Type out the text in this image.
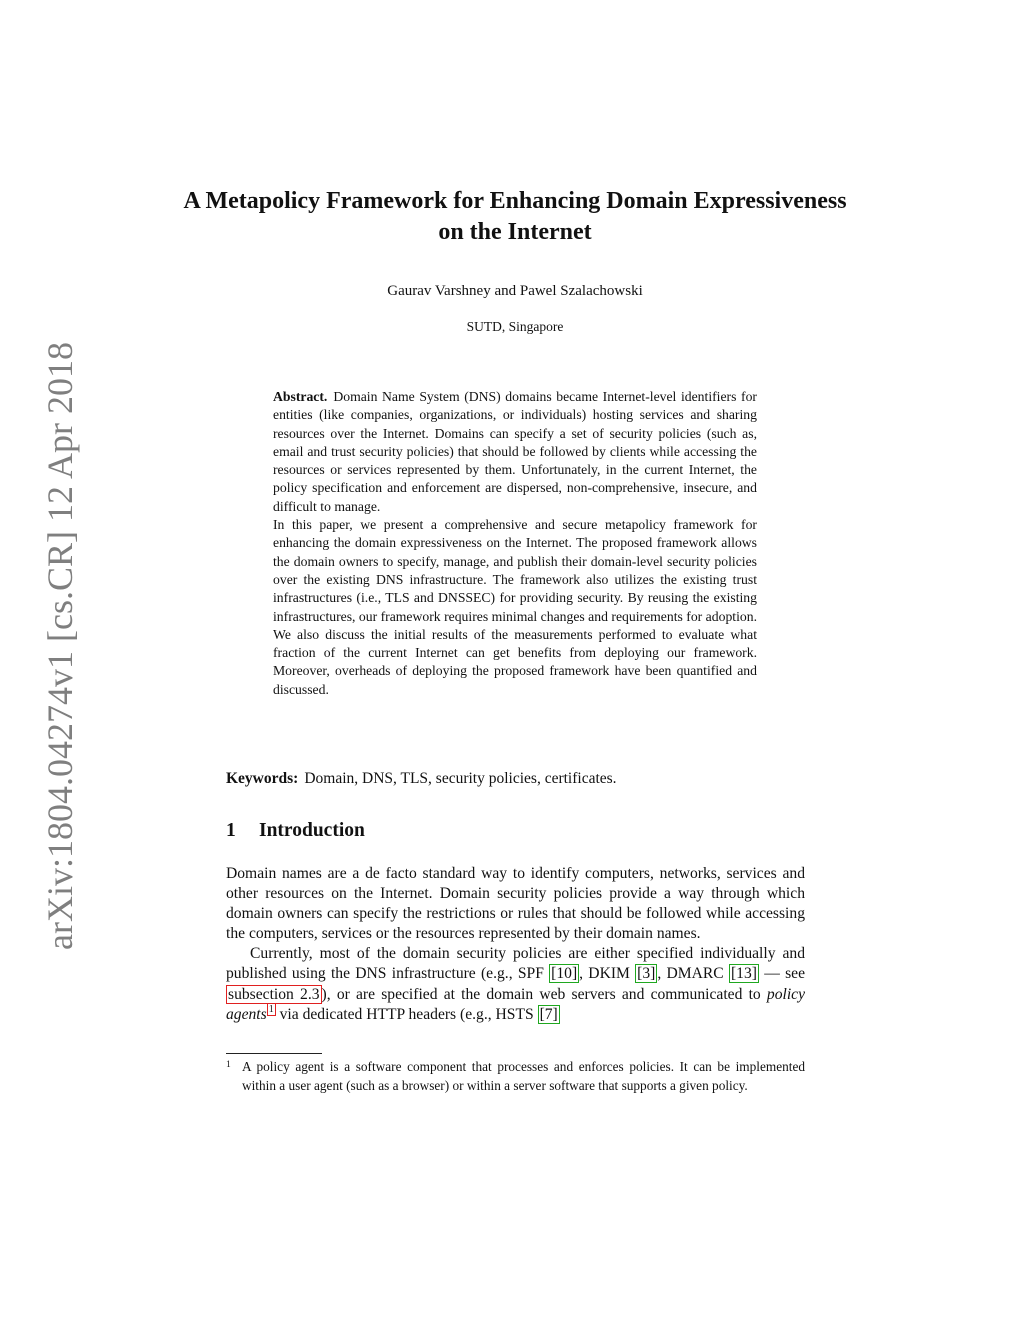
arXiv:1804.04274v1 [cs.CR] 12 Apr 2018
A Metapolicy Framework for Enhancing Domain Expressiveness on the Internet
Gaurav Varshney and Pawel Szalachowski
SUTD, Singapore

Abstract. Domain Name System (DNS) domains became Internet-level identifiers for entities (like companies, organizations, or individuals) hosting services and sharing resources over the Internet. Domains can specify a set of security policies (such as, email and trust security policies) that should be followed by clients while accessing the resources or services represented by them. Unfortunately, in the current Internet, the policy specification and enforcement are dispersed, non-comprehensive, insecure, and difficult to manage.

In this paper, we present a comprehensive and secure metapolicy framework for enhancing the domain expressiveness on the Internet. The proposed framework allows the domain owners to specify, manage, and publish their domain-level security policies over the existing DNS infrastructure. The framework also utilizes the existing trust infrastructures (i.e., TLS and DNSSEC) for providing security. By reusing the existing infrastructures, our framework requires minimal changes and requirements for adoption. We also discuss the initial results of the measurements performed to evaluate what fraction of the current Internet can get benefits from deploying our framework. Moreover, overheads of deploying the proposed framework have been quantified and discussed.

Keywords: Domain, DNS, TLS, security policies, certificates.
1 Introduction

Domain names are a de facto standard way to identify computers, networks, services and other resources on the Internet. Domain security policies provide a way through which domain owners can specify the restrictions or rules that should be followed while accessing the computers, services or the resources represented by their domain names.

Currently, most of the domain security policies are either specified individually and published using the DNS infrastructure (e.g., SPF [10] , DKIM [3] , DMARC [13] — see subsection 2.3 ), or are specified at the domain web servers and communicated to policy agents $^1$ via dedicated HTTP headers (e.g., HSTS [7]

1 A policy agent is a software component that processes and enforces policies. It can be implemented within a user agent (such as a browser) or within a server software that supports a given policy.
